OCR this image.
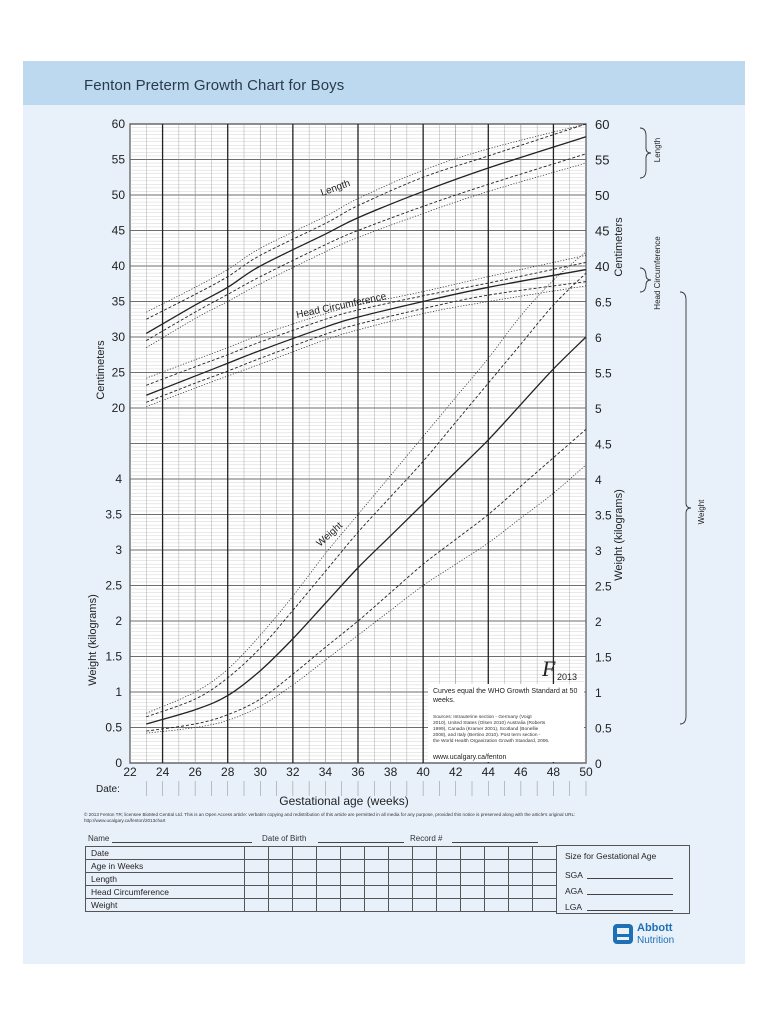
Fenton Preterm Growth Chart for Boys
22 24 26 28 30 32 34 36 38 40 42 44 46 48 50
60
55
50
45
40
35
30
25
20
4
3.5
3
2.5
2
1.5
1
0.5
0
60
55
50
45
40
6.5
6
5.5
5
4.5
4
3.5
3
2.5
2
1.5
1
0.5
0
Centimeters
Weight (kilograms)
Centimeters
Weight (kilograms)
Gestational age (weeks)
Date:
Length
Head Circumference
Weight
Curves equal the WHO Growth Standard at 50
weeks.
Sources: Intrauterine section - Germany (Voigt
2010), United States (Olsen 2010) Australia (Roberts
1999), Canada (Kramer 2001), Scotland (Bonellie
2008), and Italy (Bertino 2010). Post term section -
the World Health Organization Growth Standard, 2006.
www.ucalgary.ca/fenton
F 2013
Length
Head Circumference
Weight
© 2013 Fenton TR; licensee BioMed Central Ltd. This is an Open Access article: verbatim copying and redistribution of this article are permitted in all media for any purpose, provided this notice is preserved along with the article's original URL: http://www.ucalgary.ca/fenton/2013chart
Name	Date of Birth	Record #
Date																
Age in Weeks																
Length																
Head Circumference																
Weight																
Size for Gestational Age
SGA
AGA
LGA
Abbott
Nutrition
